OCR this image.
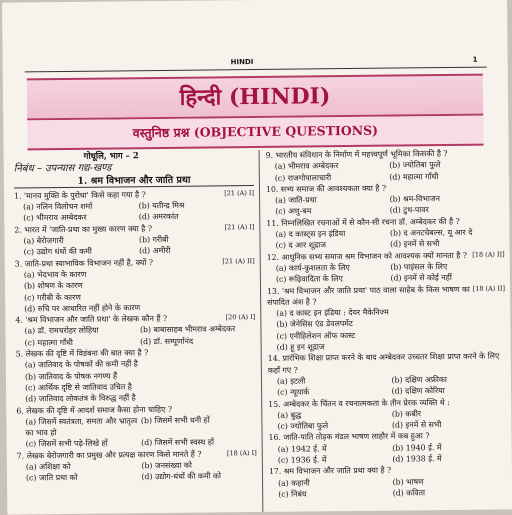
HINDI	1
हिन्दी (HINDI)
वस्तुनिष्ठ प्रश्न (OBJECTIVE QUESTIONS)
गोधूलि, भाग – 2
निबंध – उपन्यास गद्य-खण्ड
1. श्रम विभाजन और जाति प्रथा

[21 (A) I]
1. 'मानव मुक्ति के पुरोधा' किसे कहा गया है ?

(a) नलिन विलोचन शर्मा	(b) यतीन्द्र मिश्र
(c) भीमराव अम्बेदकर	(d) अमरकांत

[21 (A) I]
2. भारत में 'जाति-प्रथा का मुख्य कारण क्या है ?

(a) बेरोजगारी	(b) गरीबी
(c) उद्योग धंधों की कमी	(d) अमीरी

[21 (A) II]
3. जाति-प्रथा स्वाभाविक विभाजन नहीं है, क्यों ?

(a) भेदभाव के कारण
(b) शोषण के कारण
(c) गरीबी के कारण
(d) रुचि पर आधारित नहीं होने के कारण

[20 (A) I]
4. 'श्रम विभाजन और जाति प्रथा' के लेखक कौन हैं ?

(a) डॉ. रामचरोहर लोहिया	(b) बाबासाहब भीमराव अम्बेदकर
(c) महात्मा गाँधी	(d) डॉ. सम्पूर्णानंद

5. लेखक की दृष्टि में विडंबना की बात क्या है ?

(a) जातिवाद के पोषकों की कमी नहीं है
(b) जातिवाद के पोषक नगण्य हैं
(c) आर्थिक दृष्टि से जातिवाद उचित है
(d) जातिवाद लोकतंत्र के विरुद्ध नहीं है

6. लेखक की दृष्टि में आदर्श समाज कैसा होना चाहिए ?

(a) जिसमें स्वतंत्रता, समता और भ्रातृत्व का भाव हो
(b) जिसमें सभी धनी हों
(c) जिसमें सभी पढ़े-लिखे हों	(d) जिसमें सभी स्वस्थ हों

[18 (A) I]
7. लेखक बेरोजगारी का प्रमुख और प्रत्यक्ष कारण किसे मानते हैं ?

(a) अशिक्षा को	(b) जनसंख्या को
(c) जाति प्रथा को	(d) उद्योग-धंधों की कमी को

9. भारतीय संविधान के निर्माण में महत्त्वपूर्ण भूमिका किसकी है ?

(a) भीमराव अम्बेदकर	(b) ज्योतिबा फुले
(c) राजगोपालाचारी	(d) महात्मा गाँधी

10. सभ्य समाज की आवश्यकता क्या है ?

(a) जाति-प्रथा	(b) श्रम-विभाजन
(c) अणु-बम	(d) टुथ-पावर

11. निम्नलिखित रचनाओं में से कौन-सी रचना डॉ. अम्बेदकर की है ?

(a) द कास्ट्स इन इंडिया	(b) द अनटचेबल्स, यू आर दे
(c) द आर शूद्राज	(d) इनमें से सभी

[18 (A) II]
12. आधुनिक सभ्य समाज श्रम विभाजन को आवश्यक क्यों मानता है ?

(a) कार्य-कुशलता के लिए	(b) पाइंसल के लिए
(c) रूढ़िवादिता के लिए	(d) इनमें से कोई नहीं

[18 (A) II]
13. 'श्रम विभाजन और जाति प्रथा' पाठ वाला साहेब के किस भाषण का संपादित अंश है ?

(a) द कास्ट इन इंडिया : देयर मैकेनिज्म
(b) जेनेसिस एंड डेवलपमेंट
(c) एनीहिलेशन ऑफ कास्ट
(d) हू इन शूद्राज

14. प्रारंभिक शिक्षा प्राप्त करने के बाद अम्बेदकर उच्चतर शिक्षा प्राप्त करने के लिए कहाँ गए ?

(a) इटली	(b) दक्षिण अफ्रीका
(c) न्यूयार्क	(d) दक्षिण कोरिया

15. अम्बेदकर के चिंतन व रचनात्मकता के तीन प्रेरक व्यक्ति थे :

(a) बुद्ध	(b) कबीर
(c) ज्योतिबा फुले	(d) इनमें से सभी

16. जाति-पाति तोड़क मंडल भाषण लाहौर में कब हुआ ?

(a) 1942 ई. में	(b) 1940 ई. में
(c) 1936 ई. में	(d) 1938 ई. में

17. श्रम विभाजन और जाति प्रथा क्या है ?

(a) कहानी	(b) भाषण
(c) निबंध	(d) कविता
